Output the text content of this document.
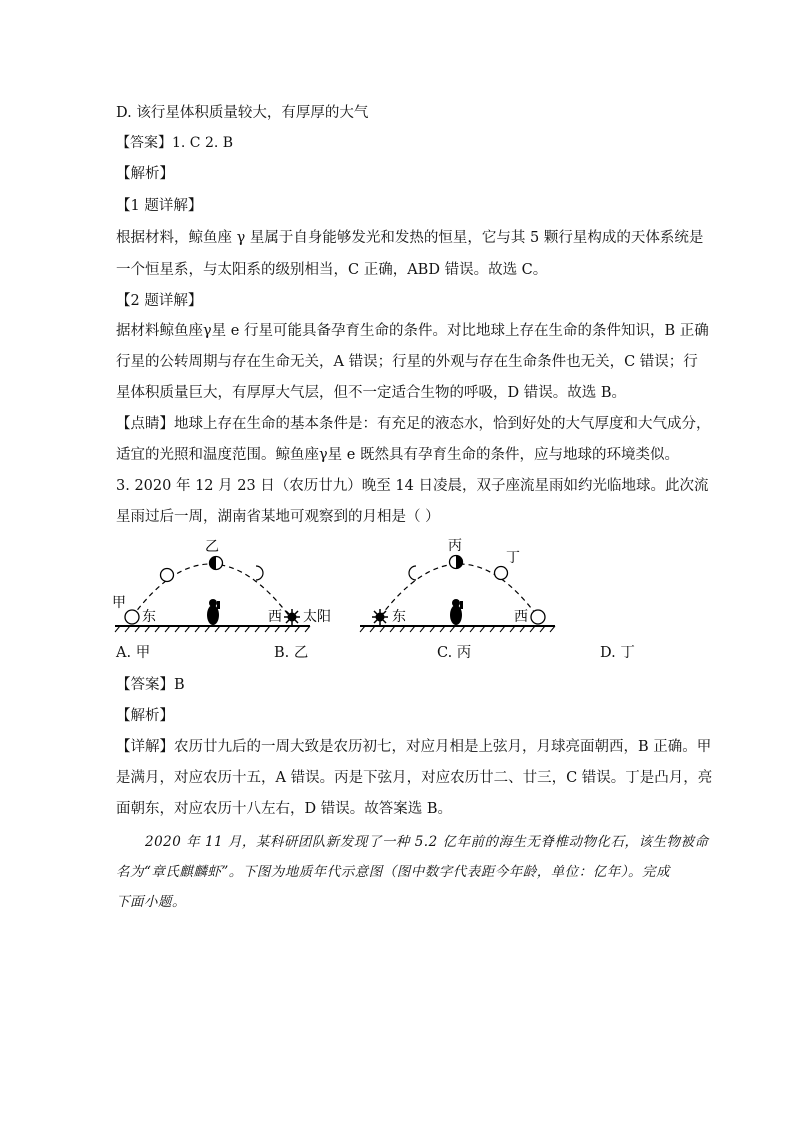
D. 该行星体积质量较大，有厚厚的大气
【答案】1. C 2. B
【解析】
【1 题详解】
根据材料，鲸鱼座 γ 星属于自身能够发光和发热的恒星，它与其 5 颗行星构成的天体系统是
一个恒星系，与太阳系的级别相当，C 正确，ABD 错误。故选 C。
【2 题详解】
据材料鲸鱼座γ星 e 行星可能具备孕育生命的条件。对比地球上存在生命的条件知识，B 正确
行星的公转周期与存在生命无关，A 错误；行星的外观与存在生命条件也无关，C 错误；行
星体积质量巨大，有厚厚大气层，但不一定适合生物的呼吸，D 错误。故选 B。
【点睛】地球上存在生命的基本条件是：有充足的液态水，恰到好处的大气厚度和大气成分，
适宜的光照和温度范围。鲸鱼座γ星 e 既然具有孕育生命的条件，应与地球的环境类似。
3. 2020 年 12 月 23 日（农历廿九）晚至 14 日凌晨，双子座流星雨如约光临地球。此次流
星雨过后一周，湖南省某地可观察到的月相是（ ）
甲
乙
东	西 太阳
丙
丁
东	西
A. 甲	B. 乙	C. 丙	D. 丁
【答案】B
【解析】
【详解】农历廿九后的一周大致是农历初七，对应月相是上弦月，月球亮面朝西，B 正确。甲
是满月，对应农历十五，A 错误。丙是下弦月，对应农历廿二、廿三，C 错误。丁是凸月，亮
面朝东，对应农历十八左右，D 错误。故答案选 B。
2020 年 11 月，某科研团队新发现了一种 5.2 亿年前的海生无脊椎动物化石，该生物被命
名为“章氏麒麟虾”。下图为地质年代示意图（图中数字代表距今年龄，单位：亿年）。完成
下面小题。
